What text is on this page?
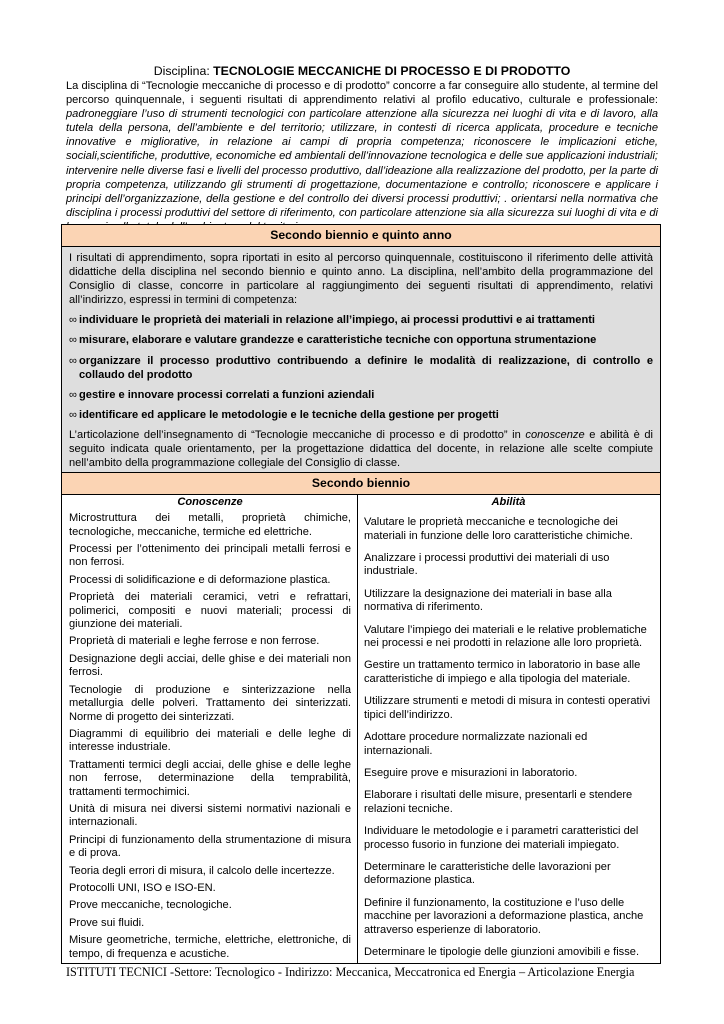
Disciplina: TECNOLOGIE MECCANICHE DI PROCESSO E DI PRODOTTO
La disciplina di “Tecnologie meccaniche di processo e di prodotto” concorre a far conseguire allo studente, al termine del percorso quinquennale, i seguenti risultati di apprendimento relativi al profilo educativo, culturale e professionale: padroneggiare l’uso di strumenti tecnologici con particolare attenzione alla sicurezza nei luoghi di vita e di lavoro, alla tutela della persona, dell’ambiente e del territorio; utilizzare, in contesti di ricerca applicata, procedure e tecniche innovative e migliorative, in relazione ai campi di propria competenza; riconoscere le implicazioni etiche, sociali,scientifiche, produttive, economiche ed ambientali dell’innovazione tecnologica e delle sue applicazioni industriali; intervenire nelle diverse fasi e livelli del processo produttivo, dall’ideazione alla realizzazione del prodotto, per la parte di propria competenza, utilizzando gli strumenti di progettazione, documentazione e controllo; riconoscere e applicare i principi dell’organizzazione, della gestione e del controllo dei diversi processi produttivi; . orientarsi nella normativa che disciplina i processi produttivi del settore di riferimento, con particolare attenzione sia alla sicurezza sui luoghi di vita e di
Secondo biennio e quinto anno

I risultati di apprendimento, sopra riportati in esito al percorso quinquennale, costituiscono il riferimento delle attività didattiche della disciplina nel secondo biennio e quinto anno. La disciplina, nell’ambito della programmazione del Consiglio di classe, concorre in particolare al raggiungimento dei seguenti risultati di apprendimento, relativi all’indirizzo, espressi in termini di competenza:

∞ individuare le proprietà dei materiali in relazione all’impiego, ai processi produttivi e ai trattamenti
∞ misurare, elaborare e valutare grandezze e caratteristiche tecniche con opportuna strumentazione
∞ organizzare il processo produttivo contribuendo a definire le modalità di realizzazione, di controllo e collaudo del prodotto
∞ gestire e innovare processi correlati a funzioni aziendali
∞ identificare ed applicare le metodologie e le tecniche della gestione per progetti

L’articolazione dell’insegnamento di “Tecnologie meccaniche di processo e di prodotto” in conoscenze e abilità è di seguito indicata quale orientamento, per la progettazione didattica del docente, in relazione alle scelte compiute nell’ambito della programmazione collegiale del Consiglio di classe.

Secondo biennio
Conoscenze
Microstruttura dei metalli, proprietà chimiche, tecnologiche, meccaniche, termiche ed elettriche.
Processi per l’ottenimento dei principali metalli ferrosi e non ferrosi.
Processi di solidificazione e di deformazione plastica.
Proprietà dei materiali ceramici, vetri e refrattari, polimerici, compositi e nuovi materiali; processi di giunzione dei materiali.
Proprietà di materiali e leghe ferrose e non ferrose.
Designazione degli acciai, delle ghise e dei materiali non ferrosi.
Tecnologie di produzione e sinterizzazione nella metallurgia delle polveri. Trattamento dei sinterizzati. Norme di progetto dei sinterizzati.
Diagrammi di equilibrio dei materiali e delle leghe di interesse industriale.
Trattamenti termici degli acciai, delle ghise e delle leghe non ferrose, determinazione della temprabilità, trattamenti termochimici.
Unità di misura nei diversi sistemi normativi nazionali e internazionali.
Principi di funzionamento della strumentazione di misura e di prova.
Teoria degli errori di misura, il calcolo delle incertezze.
Protocolli UNI, ISO e ISO-EN.
Prove meccaniche, tecnologiche.
Prove sui fluidi.
Misure geometriche, termiche, elettriche, elettroniche, di tempo, di frequenza e acustiche.
Abilità
Valutare le proprietà meccaniche e tecnologiche dei materiali in funzione delle loro caratteristiche chimiche.
Analizzare i processi produttivi dei materiali di uso industriale.
Utilizzare la designazione dei materiali in base alla normativa di riferimento.
Valutare l’impiego dei materiali e le relative problematiche nei processi e nei prodotti in relazione alle loro proprietà.
Gestire un trattamento termico in laboratorio in base alle caratteristiche di impiego e alla tipologia del materiale.
Utilizzare strumenti e metodi di misura in contesti operativi tipici dell’indirizzo.
Adottare procedure normalizzate nazionali ed internazionali.
Eseguire prove e misurazioni in laboratorio.
Elaborare i risultati delle misure, presentarli e stendere relazioni tecniche.
Individuare le metodologie e i parametri caratteristici del processo fusorio in funzione dei materiali impiegato.
Determinare le caratteristiche delle lavorazioni per deformazione plastica.
Definire il funzionamento, la costituzione e l’uso delle macchine per lavorazioni a deformazione plastica, anche attraverso esperienze di laboratorio.
Determinare le tipologie delle giunzioni amovibili e fisse.
ISTITUTI TECNICI -Settore: Tecnologico - Indirizzo: Meccanica, Meccatronica ed Energia – Articolazione Energia
